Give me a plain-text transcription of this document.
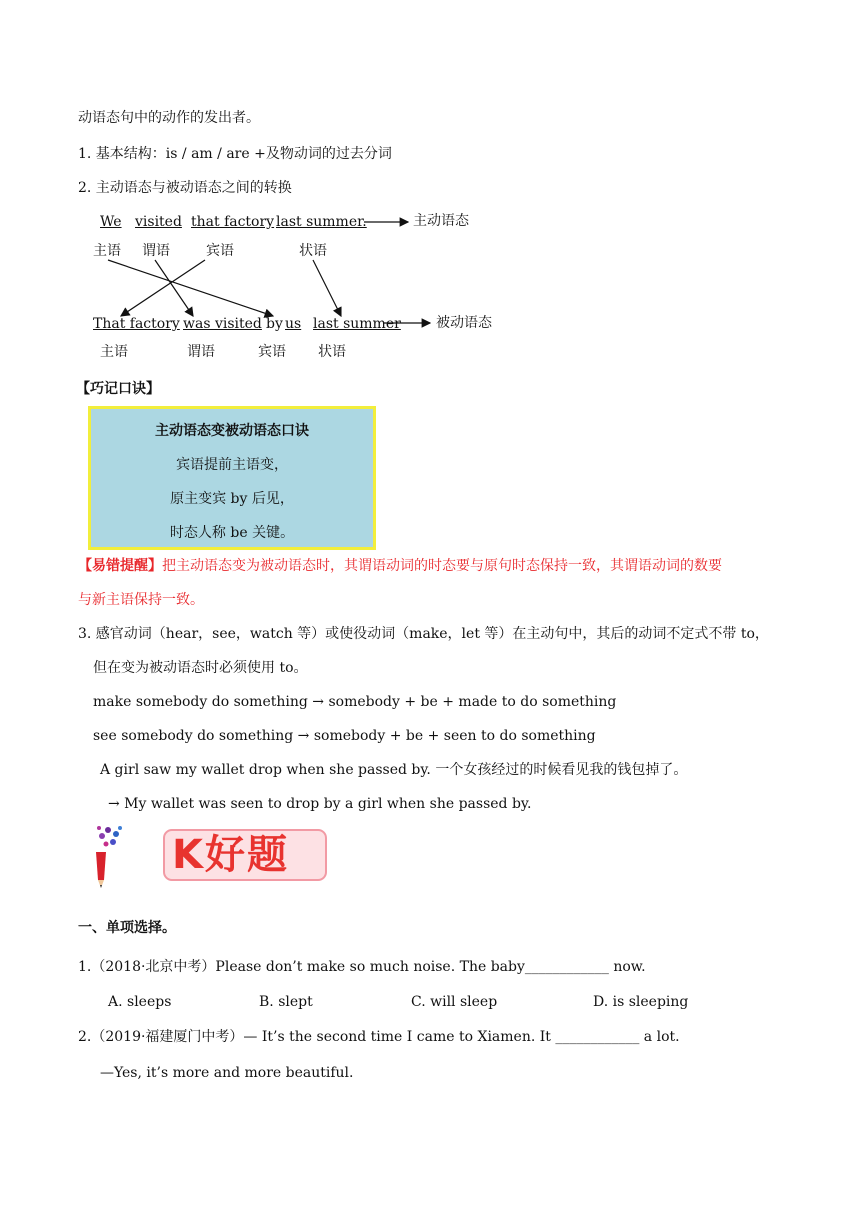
动语态句中的动作的发出者。
1. 基本结构：is / am / are +及物动词的过去分词
2. 主动语态与被动语态之间的转换
We visited that factory last summer.	主动语态
主语 谓语	宾语	状语
That factory was visited by us last summer	被动语态
主语	谓语	宾语 状语
【巧记口诀】
主动语态变被动语态口诀
宾语提前主语变，
原主变宾 by 后见，
时态人称 be 关键。
【易错提醒】把主动语态变为被动语态时，其谓语动词的时态要与原句时态保持一致，其谓语动词的数要
与新主语保持一致。
3. 感官动词（hear，see，watch 等）或使役动词（make，let 等）在主动句中，其后的动词不定式不带 to，
但在变为被动语态时必须使用 to。
make somebody do something → somebody + be + made to do something
see somebody do something → somebody + be + seen to do something
A girl saw my wallet drop when she passed by. 一个女孩经过的时候看见我的钱包掉了。
→ My wallet was seen to drop by a girl when she passed by.
K好题
一、单项选择。
1.（2018·北京中考）Please don’t make so much noise. The baby____________ now.
A. sleeps	B. slept	C. will sleep	D. is sleeping
2.（2019·福建厦门中考）— It’s the second time I came to Xiamen. It ____________ a lot.
—Yes, it’s more and more beautiful.
